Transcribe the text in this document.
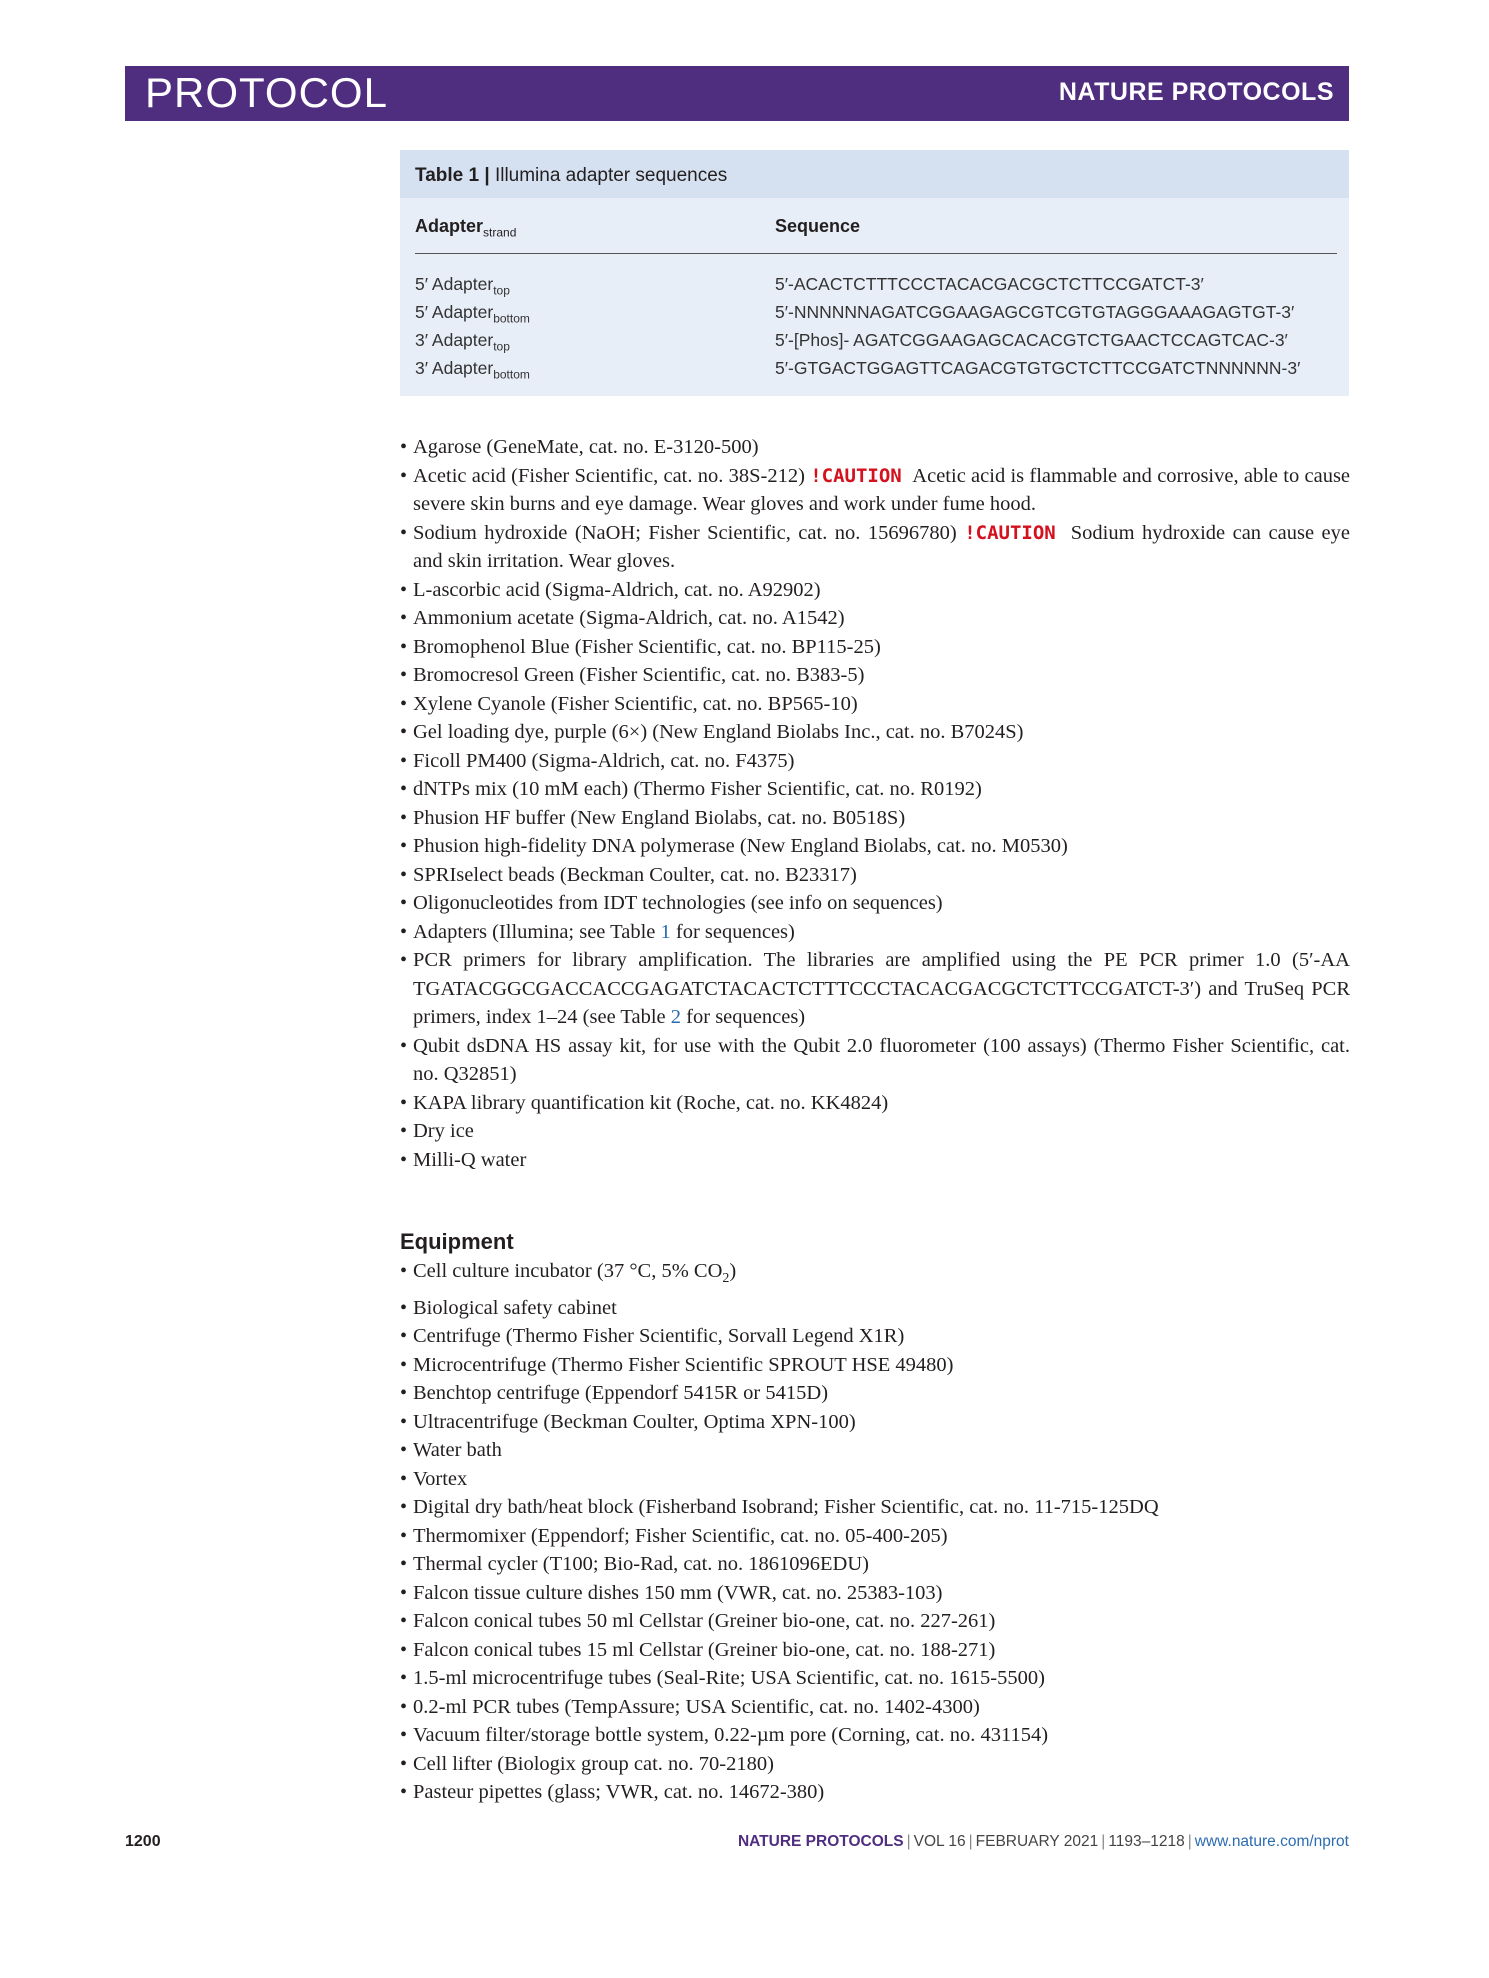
PROTOCOL	NATURE PROTOCOLS
Table 1 | Illumina adapter sequences
Adapter$_{strand}$	Sequence
5′ Adapter$_{top}$	5′-ACACTCTTTCCCTACACGACGCTCTTCCGATCT-3′
5′ Adapter$_{bottom}$	5′-NNNNNNAGATCGGAAGAGCGTCGTGTAGGGAAAGAGTGT-3′
3′ Adapter$_{top}$	5′-[Phos]- AGATCGGAAGAGCACACGTCTGAACTCCAGTCAC-3′
3′ Adapter$_{bottom}$	5′-GTGACTGGAGTTCAGACGTGTGCTCTTCCGATCTNNNNNN-3′
• Agarose (GeneMate, cat. no. E-3120-500)
• Acetic acid (Fisher Scientific, cat. no. 38S-212) !CAUTION Acetic acid is flammable and corrosive, able to cause severe skin burns and eye damage. Wear gloves and work under fume hood.
• Sodium hydroxide (NaOH; Fisher Scientific, cat. no. 15696780) !CAUTION Sodium hydroxide can cause eye and skin irritation. Wear gloves.
• L-ascorbic acid (Sigma-Aldrich, cat. no. A92902)
• Ammonium acetate (Sigma-Aldrich, cat. no. A1542)
• Bromophenol Blue (Fisher Scientific, cat. no. BP115-25)
• Bromocresol Green (Fisher Scientific, cat. no. B383-5)
• Xylene Cyanole (Fisher Scientific, cat. no. BP565-10)
• Gel loading dye, purple (6×) (New England Biolabs Inc., cat. no. B7024S)
• Ficoll PM400 (Sigma-Aldrich, cat. no. F4375)
• dNTPs mix (10 mM each) (Thermo Fisher Scientific, cat. no. R0192)
• Phusion HF buffer (New England Biolabs, cat. no. B0518S)
• Phusion high-fidelity DNA polymerase (New England Biolabs, cat. no. M0530)
• SPRIselect beads (Beckman Coulter, cat. no. B23317)
• Oligonucleotides from IDT technologies (see info on sequences)
• Adapters (Illumina; see Table 1 for sequences)
• PCR primers for library amplification. The libraries are amplified using the PE PCR primer 1.0 (5′-AA TGATACGGCGACCACCGAGATCTACACTCTTTCCCTACACGACGCTCTTCCGATCT-3′) and TruSeq PCR primers, index 1–24 (see Table 2 for sequences)
• Qubit dsDNA HS assay kit, for use with the Qubit 2.0 fluorometer (100 assays) (Thermo Fisher Scientific, cat. no. Q32851)
• KAPA library quantification kit (Roche, cat. no. KK4824)
• Dry ice
• Milli-Q water
Equipment
• Cell culture incubator (37 °C, 5% $CO_2$)
• Biological safety cabinet
• Centrifuge (Thermo Fisher Scientific, Sorvall Legend X1R)
• Microcentrifuge (Thermo Fisher Scientific SPROUT HSE 49480)
• Benchtop centrifuge (Eppendorf 5415R or 5415D)
• Ultracentrifuge (Beckman Coulter, Optima XPN-100)
• Water bath
• Vortex
• Digital dry bath/heat block (Fisherband Isobrand; Fisher Scientific, cat. no. 11-715-125DQ
• Thermomixer (Eppendorf; Fisher Scientific, cat. no. 05-400-205)
• Thermal cycler (T100; Bio-Rad, cat. no. 1861096EDU)
• Falcon tissue culture dishes 150 mm (VWR, cat. no. 25383-103)
• Falcon conical tubes 50 ml Cellstar (Greiner bio-one, cat. no. 227-261)
• Falcon conical tubes 15 ml Cellstar (Greiner bio-one, cat. no. 188-271)
• 1.5-ml microcentrifuge tubes (Seal-Rite; USA Scientific, cat. no. 1615-5500)
• 0.2-ml PCR tubes (TempAssure; USA Scientific, cat. no. 1402-4300)
• Vacuum filter/storage bottle system, 0.22-µm pore (Corning, cat. no. 431154)
• Cell lifter (Biologix group cat. no. 70-2180)
• Pasteur pipettes (glass; VWR, cat. no. 14672-380)
1200	NATURE PROTOCOLS | VOL 16 | FEBRUARY 2021 | 1193–1218 | www.nature.com/nprot
